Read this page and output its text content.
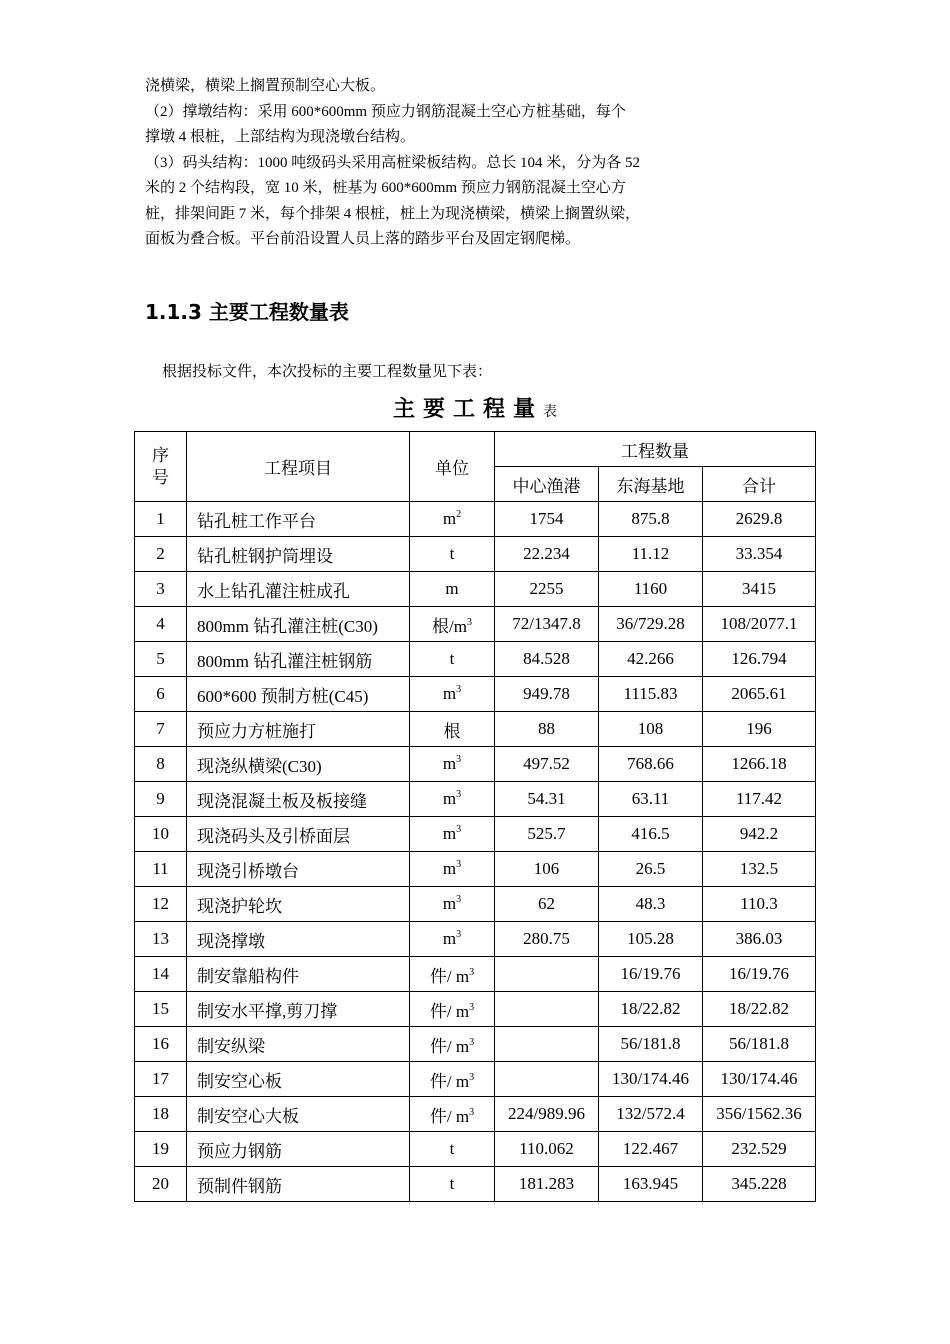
浇横梁，横梁上搁置预制空心大板。

（2）撑墩结构：采用 600*600mm 预应力钢筋混凝土空心方桩基础，每个

撑墩 4 根桩，上部结构为现浇墩台结构。

（3）码头结构：1000 吨级码头采用高桩梁板结构。总长 104 米，分为各 52

米的 2 个结构段，宽 10 米，桩基为 600*600mm 预应力钢筋混凝土空心方

桩，排架间距 7 米，每个排架 4 根桩，桩上为现浇横梁，横梁上搁置纵梁，

面板为叠合板。平台前沿设置人员上落的踏步平台及固定钢爬梯。

1.1.3 主要工程数量表
根据投标文件，本次投标的主要工程数量见下表：
主要工程量表
序号	工程项目	单位	工程数量		
			中心渔港	东海基地	合计
1	钻孔桩工作平台	$m^2$	1754	875.8	2629.8
2	钻孔桩钢护筒埋设	t	22.234	11.12	33.354
3	水上钻孔灌注桩成孔	m	2255	1160	3415
4	800mm 钻孔灌注桩(C30)	根$/m^3$	72/1347.8	36/729.28	108/2077.1
5	800mm 钻孔灌注桩钢筋	t	84.528	42.266	126.794
6	600*600 预制方桩(C45)	$m^3$	949.78	1115.83	2065.61
7	预应力方桩施打	根	88	108	196
8	现浇纵横梁(C30)	$m^3$	497.52	768.66	1266.18
9	现浇混凝土板及板接缝	$m^3$	54.31	63.11	117.42
10	现浇码头及引桥面层	$m^3$	525.7	416.5	942.2
11	现浇引桥墩台	$m^3$	106	26.5	132.5
12	现浇护轮坎	$m^3$	62	48.3	110.3
13	现浇撑墩	$m^3$	280.75	105.28	386.03
14	制安靠船构件	件/ $m^3$		16/19.76	16/19.76
15	制安水平撑,剪刀撑	件/ $m^3$		18/22.82	18/22.82
16	制安纵梁	件/ $m^3$		56/181.8	56/181.8
17	制安空心板	件/ $m^3$		130/174.46	130/174.46
18	制安空心大板	件/ $m^3$	224/989.96	132/572.4	356/1562.36
19	预应力钢筋	t	110.062	122.467	232.529
20	预制件钢筋	t	181.283	163.945	345.228
